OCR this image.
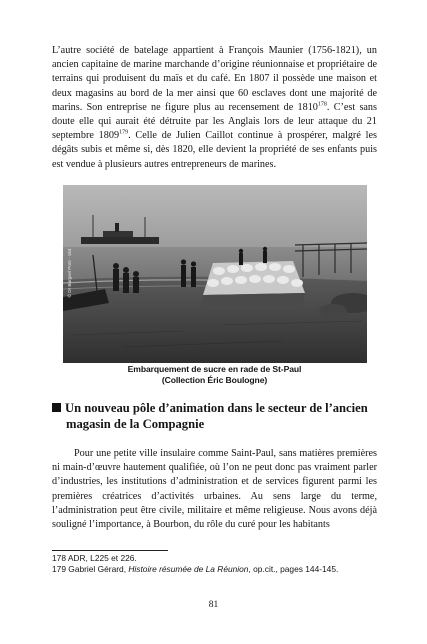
L’autre société de batelage appartient à François Maunier (1756-1821), un ancien capitaine de marine marchande d’origine réunionnaise et propriétaire de terrains qui produisent du maïs et du café. En 1807 il possède une maison et deux magasins au bord de la mer ainsi que 60 esclaves dont une majorité de marins. Son entreprise ne figure plus au recensement de 1810$^{178}$. C’est sans doute elle qui aurait été détruite par les Anglais lors de leur attaque du 21 septembre 1809$^{179}$. Celle de Julien Caillot continue à prospérer, malgré les dégâts subis et même si, dès 1820, elle devient la propriété de ses enfants puis est vendue à plusieurs autres entrepreneurs de marines.

© Dr Bargsel Pont - 184
Embarquement de sucre en rade de St-Paul
(Collection Éric Boulogne)
Un nouveau pôle d’animation dans le secteur de l’ancien
magasin de la Compagnie

Pour une petite ville insulaire comme Saint-Paul, sans matières premières ni main-d’œuvre hautement qualifiée, où l’on ne peut donc pas vraiment parler d’industries, les institutions d’administration et de services figurent parmi les premières créatrices d’activités urbaines. Au sens large du terme, l’administration peut être civile, militaire et même religieuse. Nous avons déjà souligné l’importance, à Bourbon, du rôle du curé pour les habitants

178 ADR, L225 et 226.
179 Gabriel Gérard, Histoire résumée de La Réunion, op.cit., pages 144-145.
81
